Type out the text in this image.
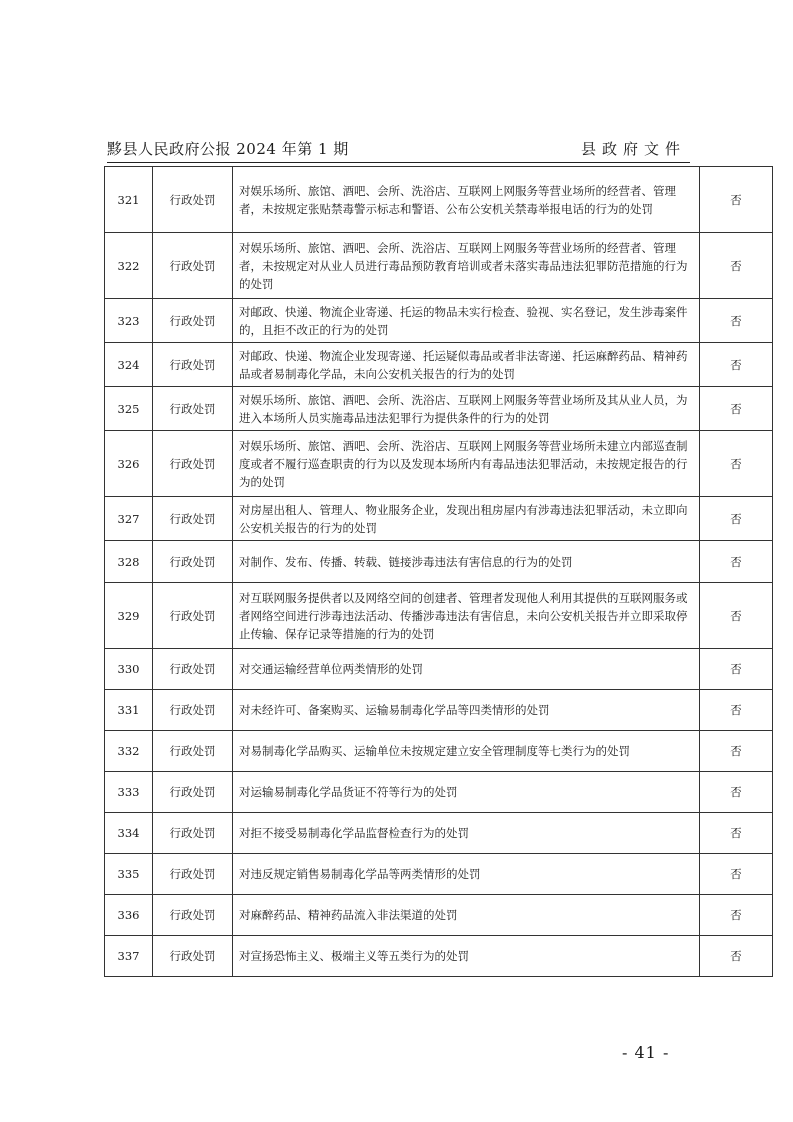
黟县人民政府公报 2024 年第 1 期	县政府文件
321	行政处罚	对娱乐场所、旅馆、酒吧、会所、洗浴店、互联网上网服务等营业场所的经营者、管理者，未按规定张贴禁毒警示标志和警语、公布公安机关禁毒举报电话的行为的处罚	否
322	行政处罚	对娱乐场所、旅馆、酒吧、会所、洗浴店、互联网上网服务等营业场所的经营者、管理者，未按规定对从业人员进行毒品预防教育培训或者未落实毒品违法犯罪防范措施的行为的处罚	否
323	行政处罚	对邮政、快递、物流企业寄递、托运的物品未实行检查、验视、实名登记，发生涉毒案件的，且拒不改正的行为的处罚	否
324	行政处罚	对邮政、快递、物流企业发现寄递、托运疑似毒品或者非法寄递、托运麻醉药品、精神药品或者易制毒化学品，未向公安机关报告的行为的处罚	否
325	行政处罚	对娱乐场所、旅馆、酒吧、会所、洗浴店、互联网上网服务等营业场所及其从业人员，为进入本场所人员实施毒品违法犯罪行为提供条件的行为的处罚	否
326	行政处罚	对娱乐场所、旅馆、酒吧、会所、洗浴店、互联网上网服务等营业场所未建立内部巡查制度或者不履行巡查职责的行为以及发现本场所内有毒品违法犯罪活动，未按规定报告的行为的处罚	否
327	行政处罚	对房屋出租人、管理人、物业服务企业，发现出租房屋内有涉毒违法犯罪活动，未立即向公安机关报告的行为的处罚	否
328	行政处罚	对制作、发布、传播、转载、链接涉毒违法有害信息的行为的处罚	否
329	行政处罚	对互联网服务提供者以及网络空间的创建者、管理者发现他人利用其提供的互联网服务或者网络空间进行涉毒违法活动、传播涉毒违法有害信息，未向公安机关报告并立即采取停止传输、保存记录等措施的行为的处罚	否
330	行政处罚	对交通运输经营单位两类情形的处罚	否
331	行政处罚	对未经许可、备案购买、运输易制毒化学品等四类情形的处罚	否
332	行政处罚	对易制毒化学品购买、运输单位未按规定建立安全管理制度等七类行为的处罚	否
333	行政处罚	对运输易制毒化学品货证不符等行为的处罚	否
334	行政处罚	对拒不接受易制毒化学品监督检查行为的处罚	否
335	行政处罚	对违反规定销售易制毒化学品等两类情形的处罚	否
336	行政处罚	对麻醉药品、精神药品流入非法渠道的处罚	否
337	行政处罚	对宣扬恐怖主义、极端主义等五类行为的处罚	否
- 41 -
